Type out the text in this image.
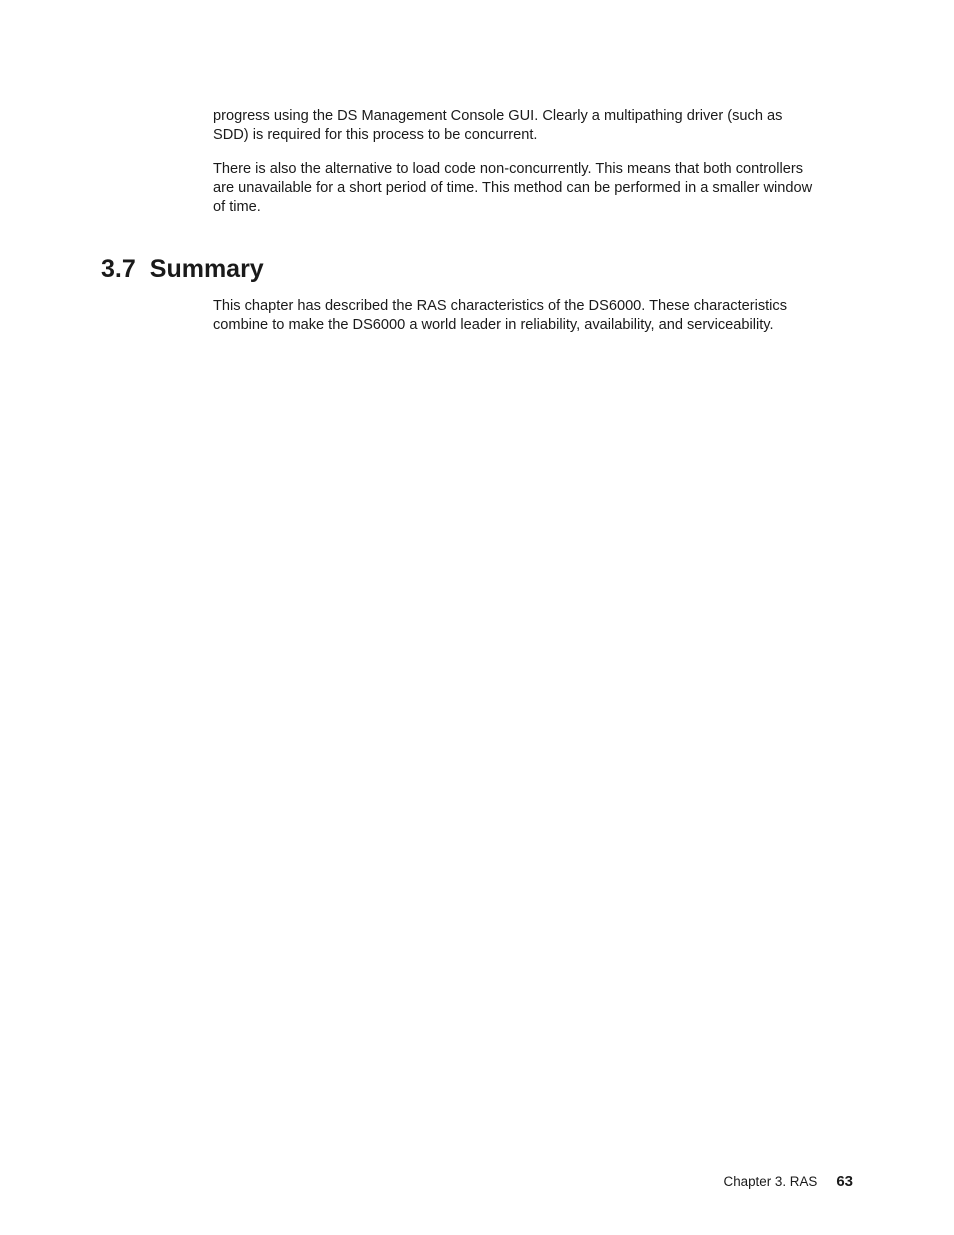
progress using the DS Management Console GUI. Clearly a multipathing driver (such as
SDD) is required for this process to be concurrent.

There is also the alternative to load code non-concurrently. This means that both controllers
are unavailable for a short period of time. This method can be performed in a smaller window
of time.

3.7 Summary

This chapter has described the RAS characteristics of the DS6000. These characteristics
combine to make the DS6000 a world leader in reliability, availability, and serviceability.

Chapter 3. RAS 63
